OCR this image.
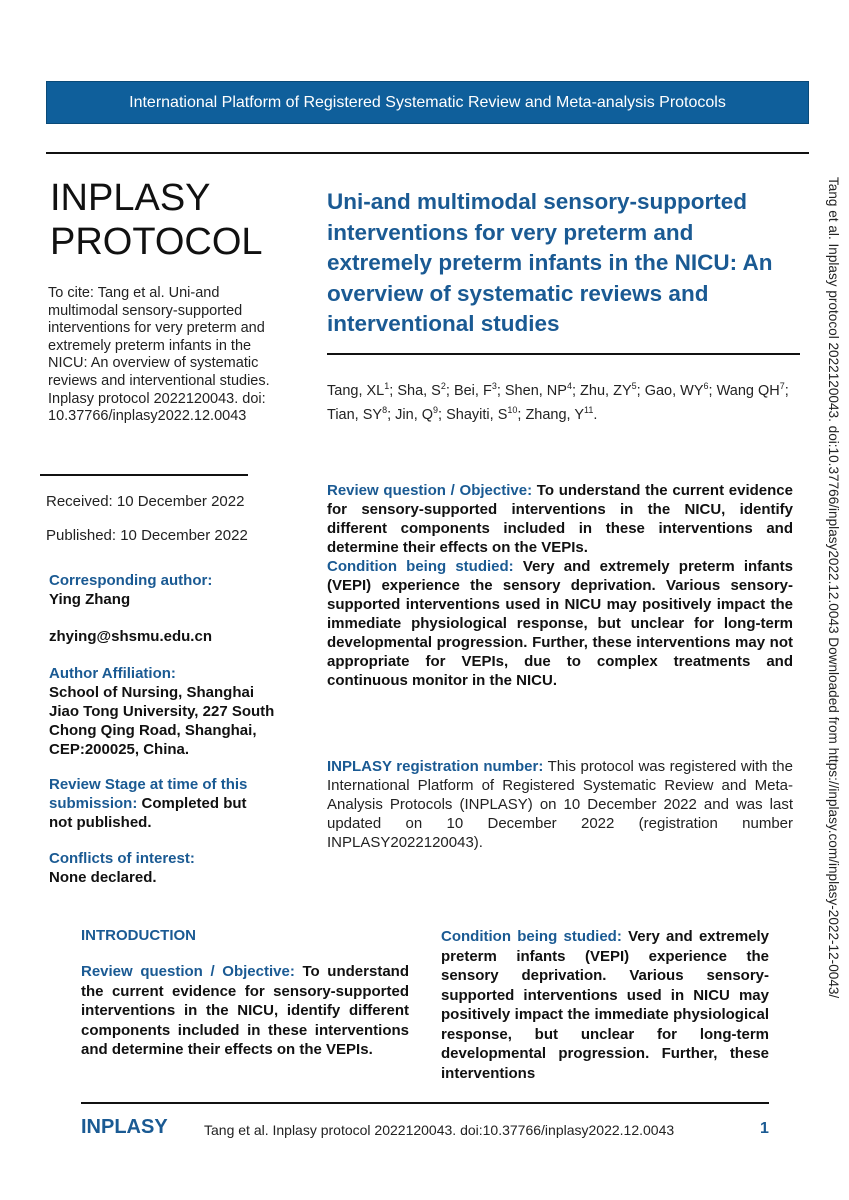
International Platform of Registered Systematic Review and Meta-analysis Protocols
INPLASY
PROTOCOL

To cite: Tang et al. Uni-and multimodal sensory-supported interventions for very preterm and extremely preterm infants in the NICU: An overview of systematic reviews and interventional studies. Inplasy protocol 2022120043. doi: 10.37766/inplasy2022.12.0043

Received: 10 December 2022

Published: 10 December 2022

Corresponding author:
Ying Zhang
zhying@shsmu.edu.cn
Author Affiliation:
School of Nursing, Shanghai Jiao Tong University, 227 South Chong Qing Road, Shanghai, CEP:200025, China.
Review Stage at time of this submission: Completed but not published.
Conflicts of interest:
None declared.
Uni-and multimodal sensory-supported interventions for very preterm and extremely preterm infants in the NICU: An overview of systematic reviews and interventional studies

Tang, $XL^1$; Sha, $S^2$; Bei, $F^3$; Shen, $NP^4$; Zhu, $ZY^5$; Gao, $WY^6$; Wang $QH^7$; Tian, $SY^8$; Jin, $Q^9$; Shayiti, $S^{10}$; Zhang, $Y^{11}$.

Review question / Objective: To understand the current evidence for sensory-supported interventions in the NICU, identify different components included in these interventions and determine their effects on the VEPIs.
Condition being studied: Very and extremely preterm infants (VEPI) experience the sensory deprivation. Various sensory-supported interventions used in NICU may positively impact the immediate physiological response, but unclear for long-term developmental progression. Further, these interventions may not appropriate for VEPIs, due to complex treatments and continuous monitor in the NICU.

INPLASY registration number: This protocol was registered with the International Platform of Registered Systematic Review and Meta-Analysis Protocols (INPLASY) on 10 December 2022 and was last updated on 10 December 2022 (registration number INPLASY2022120043).

INTRODUCTION

Review question / Objective: To understand the current evidence for sensory-supported interventions in the NICU, identify different components included in these interventions and determine their effects on the VEPIs.

Condition being studied: Very and extremely preterm infants (VEPI) experience the sensory deprivation. Various sensory-supported interventions used in NICU may positively impact the immediate physiological response, but unclear for long-term developmental progression. Further, these interventions

INPLASY	Tang et al. Inplasy protocol 2022120043. doi:10.37766/inplasy2022.12.0043	1

Tang et al. Inplasy protocol 2022120043. doi:10.37766/inplasy2022.12.0043 Downloaded from https://inplasy.com/inplasy-2022-12-0043/
